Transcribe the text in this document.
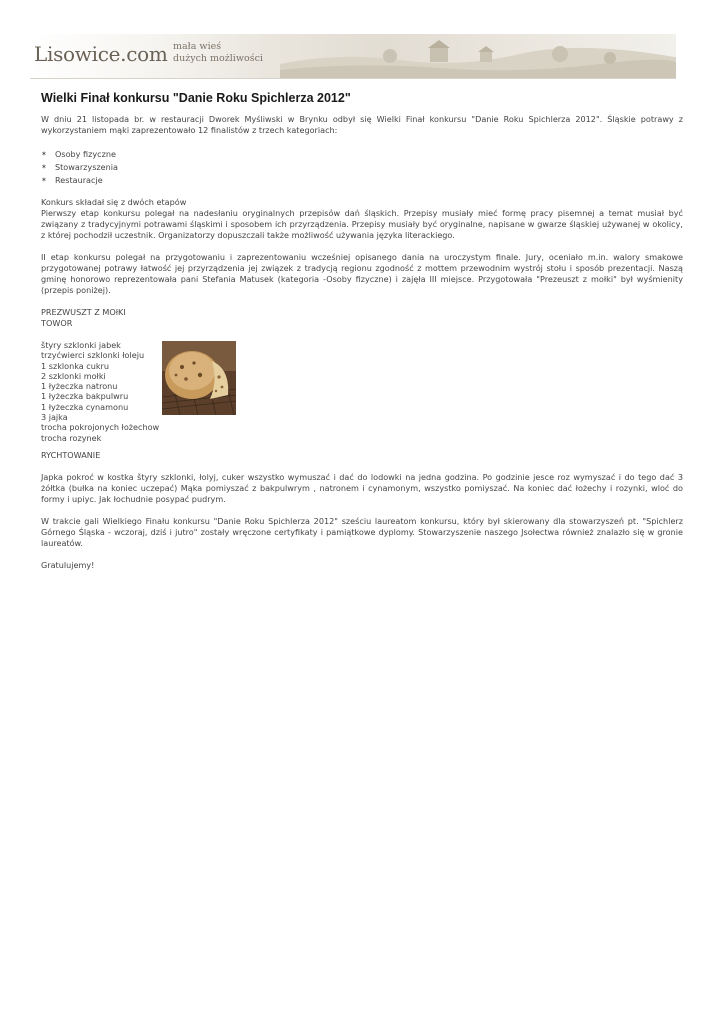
Lisowice.com mała wieś
dużych możliwości
Wielki Finał konkursu "Danie Roku Spichlerza 2012"

W dniu 21 listopada br. w restauracji Dworek Myśliwski w Brynku odbył się Wielki Finał konkursu "Danie Roku Spichlerza 2012". Śląskie potrawy z wykorzystaniem mąki zaprezentowało 12 finalistów z trzech kategoriach:

✶ Osoby fizyczne
✶ Stowarzyszenia
✶ Restauracje

Konkurs składał się z dwóch etapów

Pierwszy etap konkursu polegał na nadesłaniu oryginalnych przepisów dań śląskich. Przepisy musiały mieć formę pracy pisemnej a temat musiał być związany z tradycyjnymi potrawami śląskimi i sposobem ich przyrządzenia. Przepisy musiały być oryginalne, napisane w gwarze śląskiej używanej w okolicy, z której pochodził uczestnik. Organizatorzy dopuszczali także możliwość używania języka literackiego.

II etap konkursu polegał na przygotowaniu i zaprezentowaniu wcześniej opisanego dania na uroczystym finale. Jury, oceniało m.in. walory smakowe przygotowanej potrawy łatwość jej przyrządzenia jej związek z tradycją regionu zgodność z mottem przewodnim wystrój stołu i sposób prezentacji. Naszą gminę honorowo reprezentowała pani Stefania Matusek (kategoria -Osoby fizyczne) i zajęła III miejsce. Przygotowała "Prezeuszt z mołki" był wyśmienity (przepis poniżej).

PREZWUSZT Z MOłKI

TOWOR

štyry szklonki jabek
trzyćwierci szklonki łoleju
1 szklonka cukru
2 szklonki mołki
1 łyżeczka natronu
1 łyżeczka bakpulwru
1 łyżeczka cynamonu
3 jajka
trocha pokrojonych łożechow
trocha rozynek

RYCHTOWANIE

Japka pokroć w kostka štyry szklonki, łolyj, cuker wszystko wymuszać i dać do lodowki na jedna godzina. Po godzinie jesce roz wymyszać i do tego dać 3 żółtka (bułka na koniec uczepać) Mąka pomiyszać z bakpulwrym , natronem i cynamonym, wszystko pomiyszać. Na koniec dać łożechy i rozynki, wloć do formy i upiyc. Jak łochudnie posypać pudrym.

W trakcie gali Wielkiego Finału konkursu "Danie Roku Spichlerza 2012" sześciu laureatom konkursu, który był skierowany dla stowarzyszeń pt. "Spichlerz Górnego Śląska - wczoraj, dziś i jutro" zostały wręczone certyfikaty i pamiątkowe dyplomy. Stowarzyszenie naszego Jsołectwa również znalazło się w gronie laureatów.

Gratulujemy!
